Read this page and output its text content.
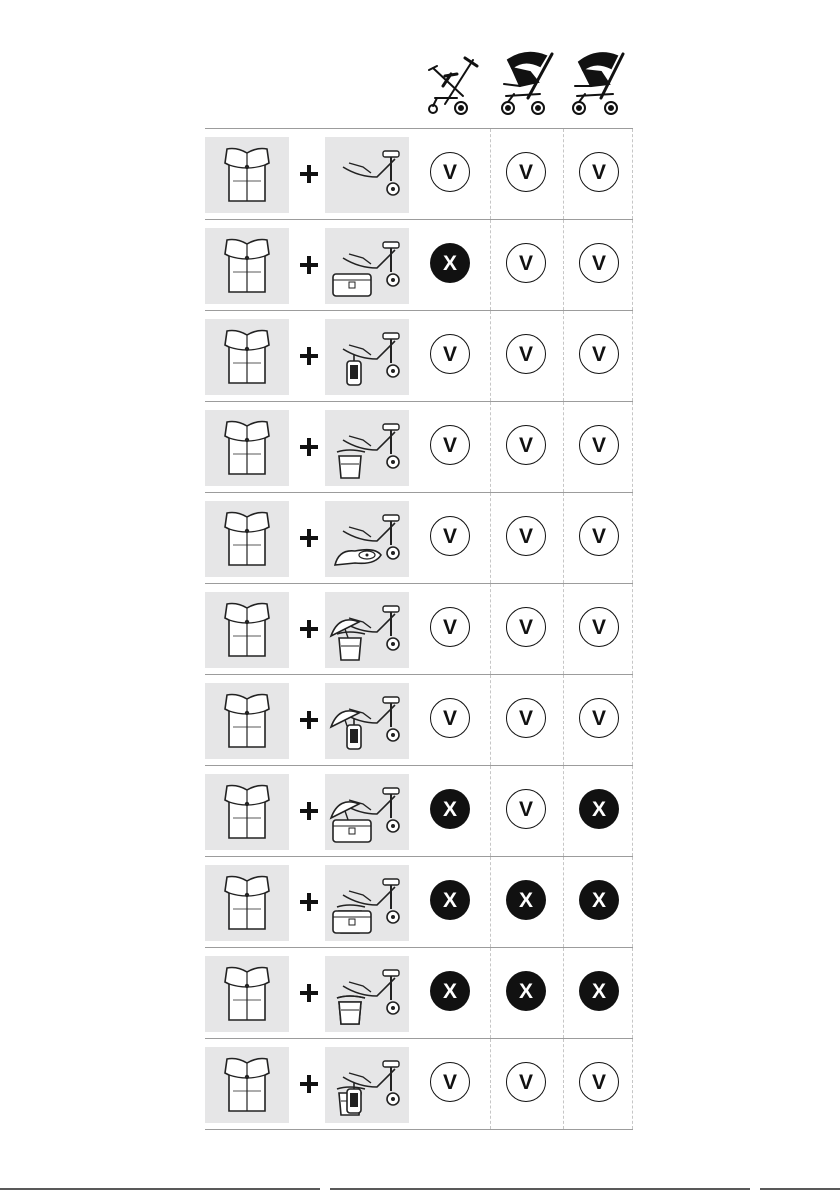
V	V	V
X	V	V
V	V	V
V	V	V
V	V	V
V	V	V
V	V	V
X	V	X
X	X	X
X	X	X
V	V	V
